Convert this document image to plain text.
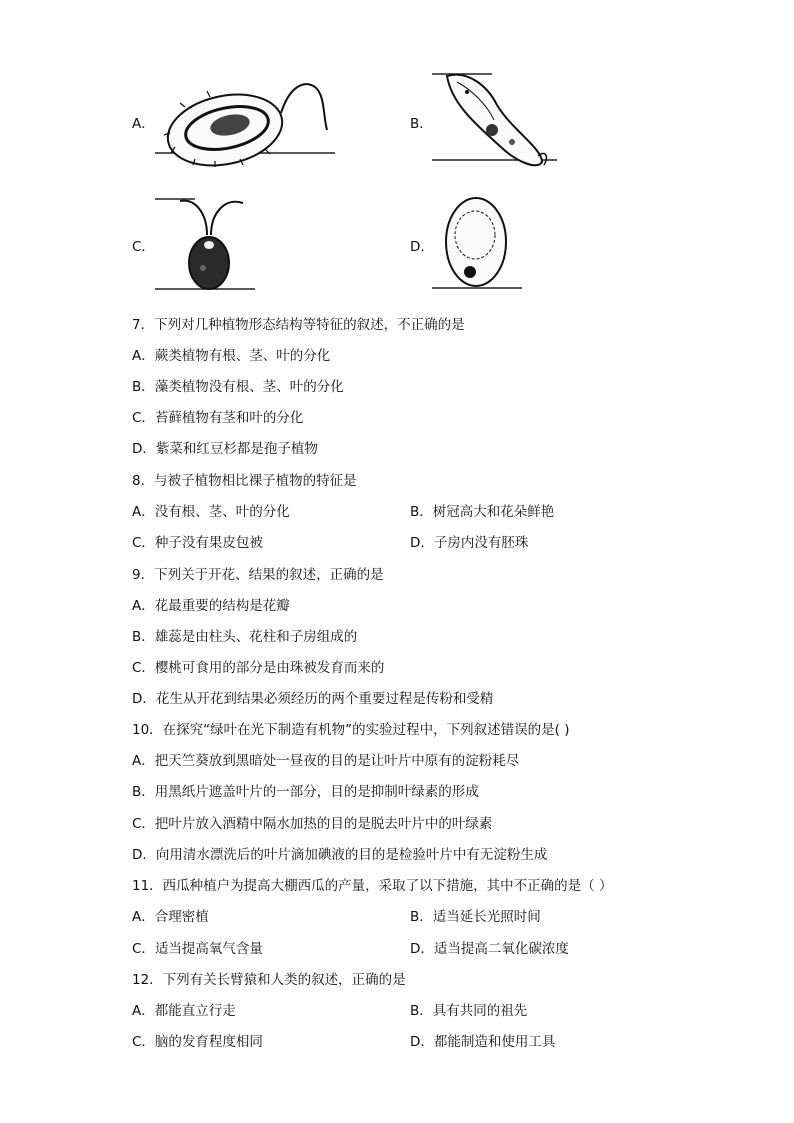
A．	B．
C．	D．
7．下列对几种植物形态结构等特征的叙述，不正确的是
A．蕨类植物有根、茎、叶的分化
B．藻类植物没有根、茎、叶的分化
C．苔藓植物有茎和叶的分化
D．紫菜和红豆杉都是孢子植物
8．与被子植物相比裸子植物的特征是
A．没有根、茎、叶的分化	B．树冠高大和花朵鲜艳
C．种子没有果皮包被	D．子房内没有胚珠
9．下列关于开花、结果的叙述，正确的是
A．花最重要的结构是花瓣
B．雄蕊是由柱头、花柱和子房组成的
C．樱桃可食用的部分是由珠被发育而来的
D．花生从开花到结果必须经历的两个重要过程是传粉和受精
10．在探究“绿叶在光下制造有机物”的实验过程中，下列叙述错误的是( )
A．把天竺葵放到黑暗处一昼夜的目的是让叶片中原有的淀粉耗尽
B．用黑纸片遮盖叶片的一部分，目的是抑制叶绿素的形成
C．把叶片放入酒精中隔水加热的目的是脱去叶片中的叶绿素
D．向用清水漂洗后的叶片滴加碘液的目的是检验叶片中有无淀粉生成
11．西瓜种植户为提高大棚西瓜的产量，采取了以下措施，其中不正确的是（ ）
A．合理密植	B．适当延长光照时间
C．适当提高氧气含量	D．适当提高二氧化碳浓度
12．下列有关长臂猿和人类的叙述，正确的是
A．都能直立行走	B．具有共同的祖先
C．脑的发育程度相同	D．都能制造和使用工具
